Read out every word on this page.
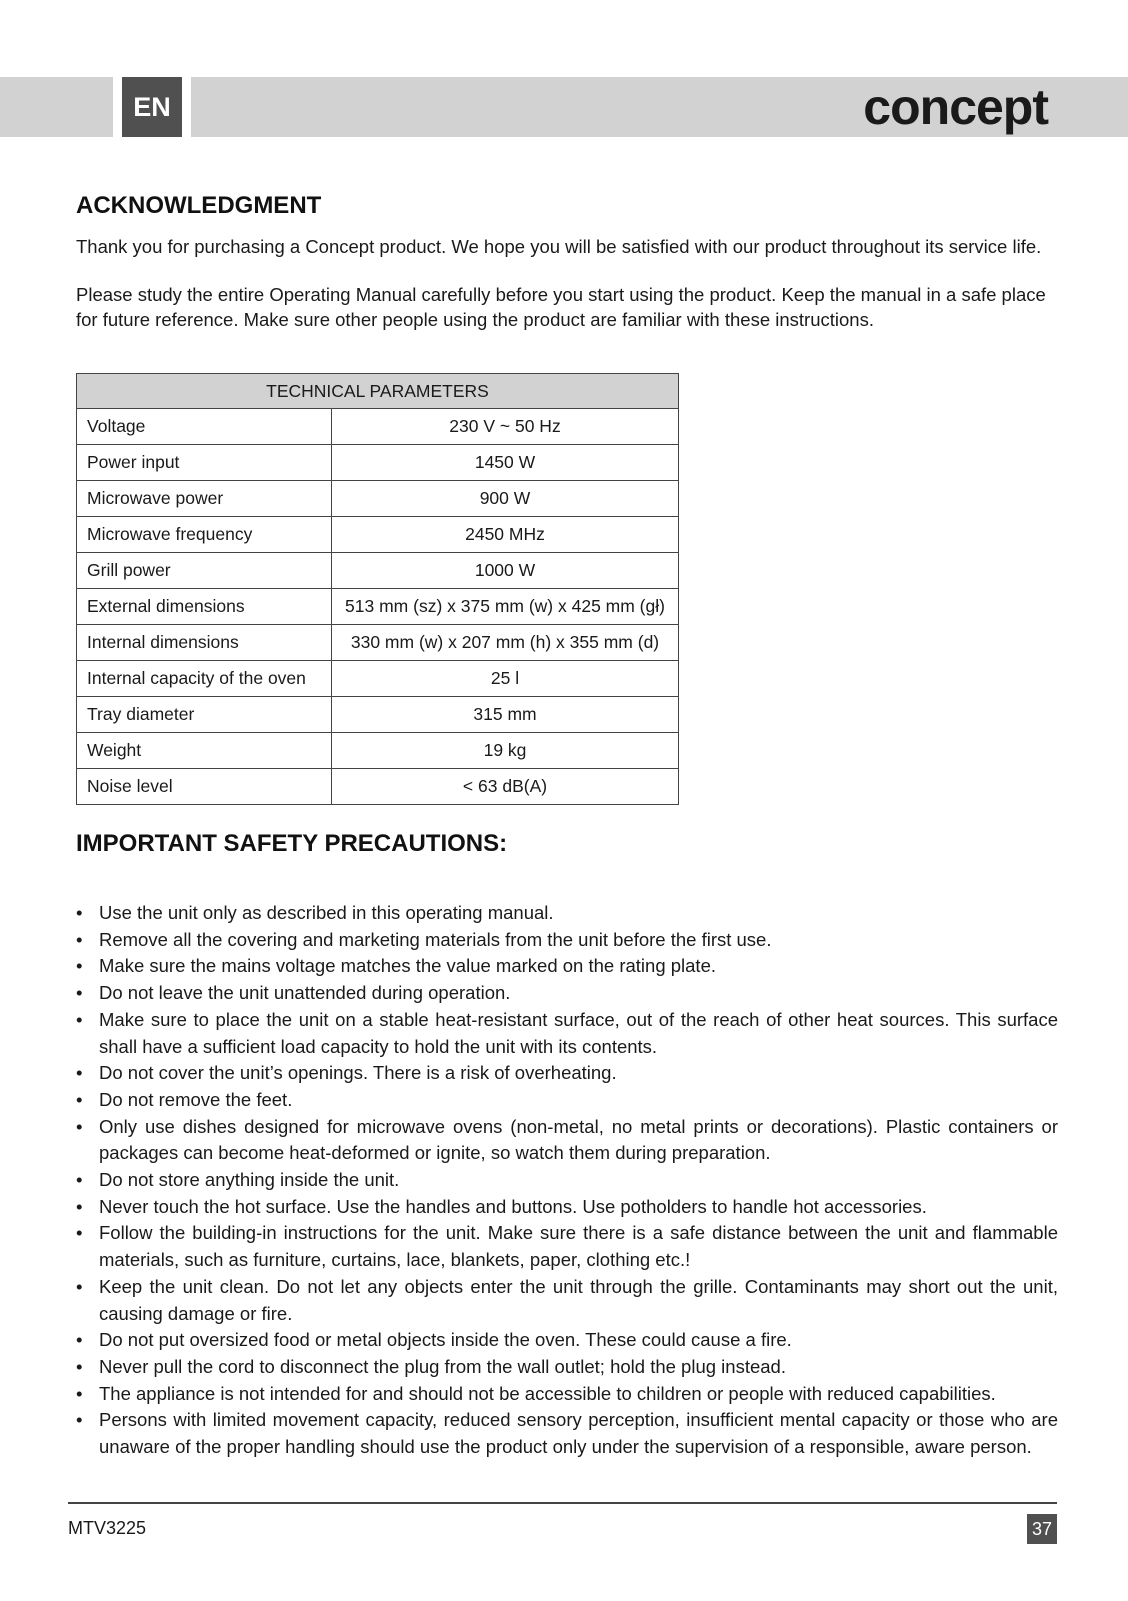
EN	concept
ACKNOWLEDGMENT
Thank you for purchasing a Concept product. We hope you will be satisfied with our product throughout its service life.
Please study the entire Operating Manual carefully before you start using the product. Keep the manual in a safe place for future reference. Make sure other people using the product are familiar with these instructions.
TECHNICAL PARAMETERS	
Voltage	230 V ~ 50 Hz
Power input	1450 W
Microwave power	900 W
Microwave frequency	2450 MHz
Grill power	1000 W
External dimensions	513 mm (sz) x 375 mm (w) x 425 mm (gł)
Internal dimensions	330 mm (w) x 207 mm (h) x 355 mm (d)
Internal capacity of the oven	25 l
Tray diameter	315 mm
Weight	19 kg
Noise level	< 63 dB(A)
IMPORTANT SAFETY PRECAUTIONS:
• Use the unit only as described in this operating manual.
• Remove all the covering and marketing materials from the unit before the first use.
• Make sure the mains voltage matches the value marked on the rating plate.
• Do not leave the unit unattended during operation.
• Make sure to place the unit on a stable heat-resistant surface, out of the reach of other heat sources. This surface shall have a sufficient load capacity to hold the unit with its contents.
• Do not cover the unit’s openings. There is a risk of overheating.
• Do not remove the feet.
• Only use dishes designed for microwave ovens (non-metal, no metal prints or decorations). Plastic containers or packages can become heat-deformed or ignite, so watch them during preparation.
• Do not store anything inside the unit.
• Never touch the hot surface. Use the handles and buttons. Use potholders to handle hot accessories.
• Follow the building-in instructions for the unit. Make sure there is a safe distance between the unit and flammable materials, such as furniture, curtains, lace, blankets, paper, clothing etc.!
• Keep the unit clean. Do not let any objects enter the unit through the grille. Contaminants may short out the unit, causing damage or fire.
• Do not put oversized food or metal objects inside the oven. These could cause a fire.
• Never pull the cord to disconnect the plug from the wall outlet; hold the plug instead.
• The appliance is not intended for and should not be accessible to children or people with reduced capabilities.
• Persons with limited movement capacity, reduced sensory perception, insufficient mental capacity or those who are unaware of the proper handling should use the product only under the supervision of a responsible, aware person.
MTV3225	37
